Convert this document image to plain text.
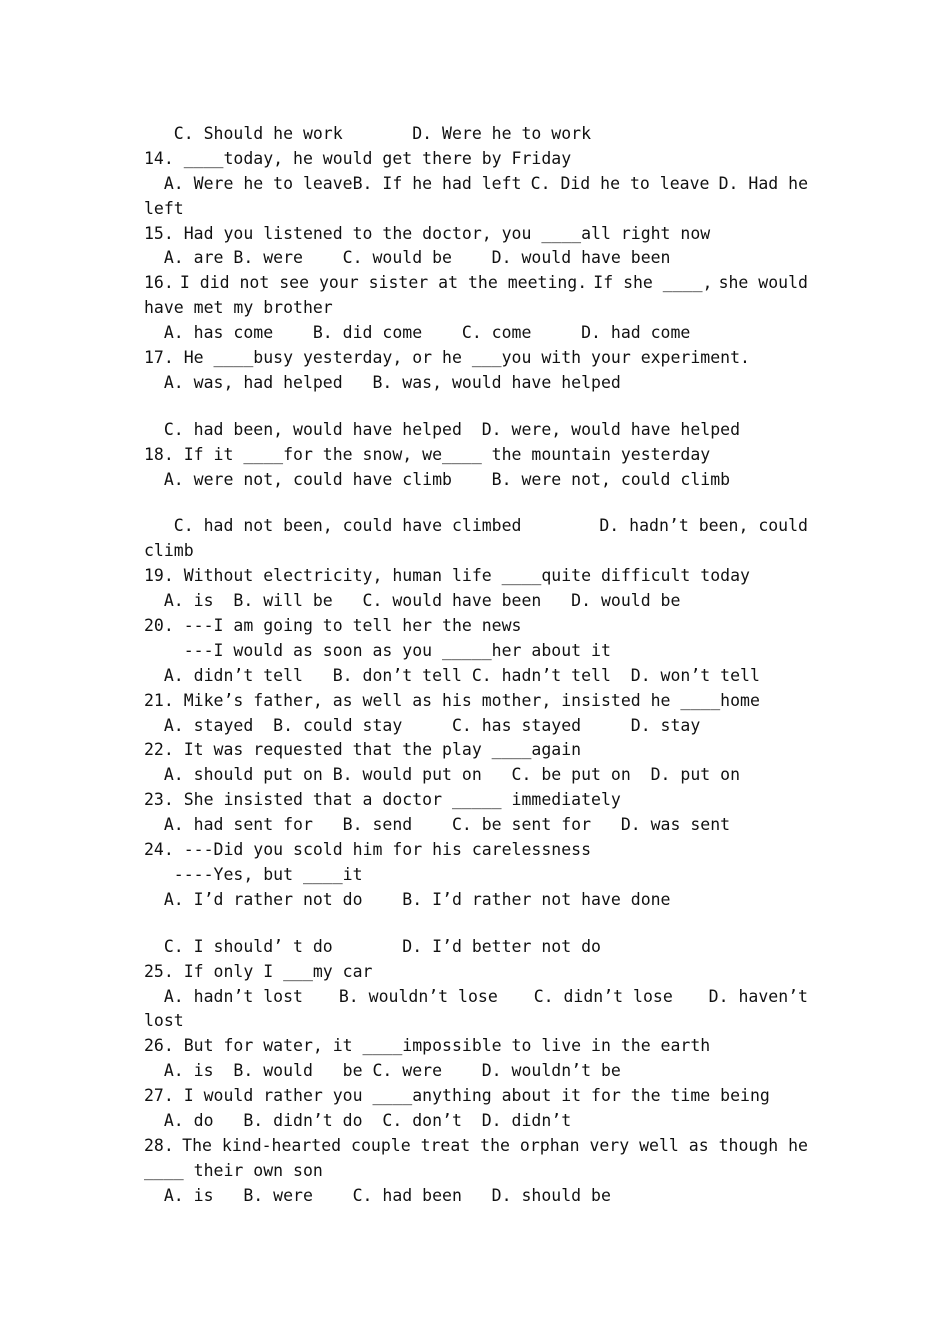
C. Should he work       D. Were he to work
14. ____today, he would get there by Friday
A. Were he to leaveB. If he had left C. Did he to leave D. Had he
left
15. Had you listened to the doctor, you ____all right now
A. are B. were    C. would be    D. would have been
16. I did not see your sister at the meeting. If she ____, she would
have met my brother
A. has come    B. did come    C. come     D. had come
17. He ____busy yesterday, or he ___you with your experiment.
A. was, had helped   B. was, would have helped
C. had been, would have helped  D. were, would have helped
18. If it ____for the snow, we____ the mountain yesterday
A. were not, could have climb    B. were not, could climb
C. had not been, could have climbed	D. hadn’t been, could
climb
19. Without electricity, human life ____quite difficult today
A. is  B. will be   C. would have been   D. would be
20. ---I am going to tell her the news
---I would as soon as you _____her about it
A. didn’t tell   B. don’t tell C. hadn’t tell  D. won’t tell
21. Mike’s father, as well as his mother, insisted he ____home
A. stayed  B. could stay     C. has stayed     D. stay
22. It was requested that the play ____again
A. should put on B. would put on   C. be put on  D. put on
23. She insisted that a doctor _____ immediately
A. had sent for   B. send    C. be sent for   D. was sent
24. ---Did you scold him for his carelessness
----Yes, but ____it
A. I’d rather not do    B. I’d rather not have done
C. I should’ t do       D. I’d better not do
25. If only I ___my car
A. hadn’t lost B. wouldn’t lose C. didn’t lose D. haven’t
lost
26. But for water, it ____impossible to live in the earth
A. is  B. would   be C. were    D. wouldn’t be
27. I would rather you ____anything about it for the time being
A. do   B. didn’t do  C. don’t  D. didn’t
28. The kind-hearted couple treat the orphan very well as though he
____ their own son
A. is   B. were    C. had been   D. should be
